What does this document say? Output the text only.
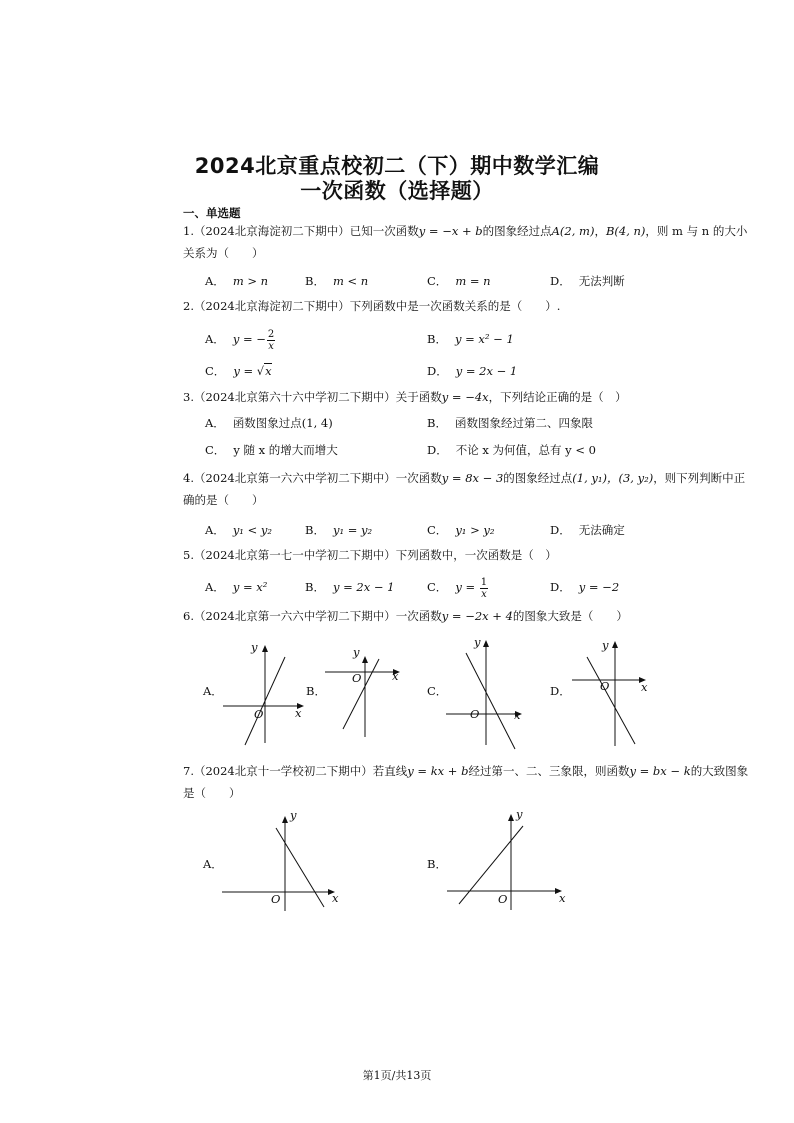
2024北京重点校初二（下）期中数学汇编
一次函数（选择题）
一、单选题
1.（2024北京海淀初二下期中）已知一次函数y = −x + b的图象经过点A(2, m)，B(4, n)，则 m 与 n 的大小
关系为（　　）
A． m > n	B． m < n	C． m = n	D． 无法判断
2.（2024北京海淀初二下期中）下列函数中是一次函数关系的是（　　）.
A． y = − $\frac{2}{x}$	B． y = x² − 1
C． y = √x	D． y = 2x − 1
3.（2024北京第六十六中学初二下期中）关于函数y = −4x，下列结论正确的是（　）
A． 函数图象过点(1, 4)	B． 函数图象经过第二、四象限
C． y 随 x 的增大而增大	D． 不论 x 为何值，总有 y < 0
4.（2024北京第一六六中学初二下期中）一次函数y = 8x − 3的图象经过点(1, y₁)，(3, y₂)，则下列判断中正
确的是（　　）
A． y₁ < y₂	B． y₁ = y₂	C． y₁ > y₂	D． 无法确定
5.（2024北京第一七一中学初二下期中）下列函数中，一次函数是（　）
A． y = x²	B． y = 2x − 1	C． $y = \frac{1}{x}$	D． y = −2
6.（2024北京第一六六中学初二下期中）一次函数y = −2x + 4的图象大致是（　　）
A．
y
x
O
B．
y
x
O
C．
y
x
O
D．
y
x
O
7.（2024北京十一学校初二下期中）若直线y = kx + b经过第一、二、三象限，则函数y = bx − k的大致图象
是（　　）
A．
y
x
O
B．
y
x
O
第1页/共13页
